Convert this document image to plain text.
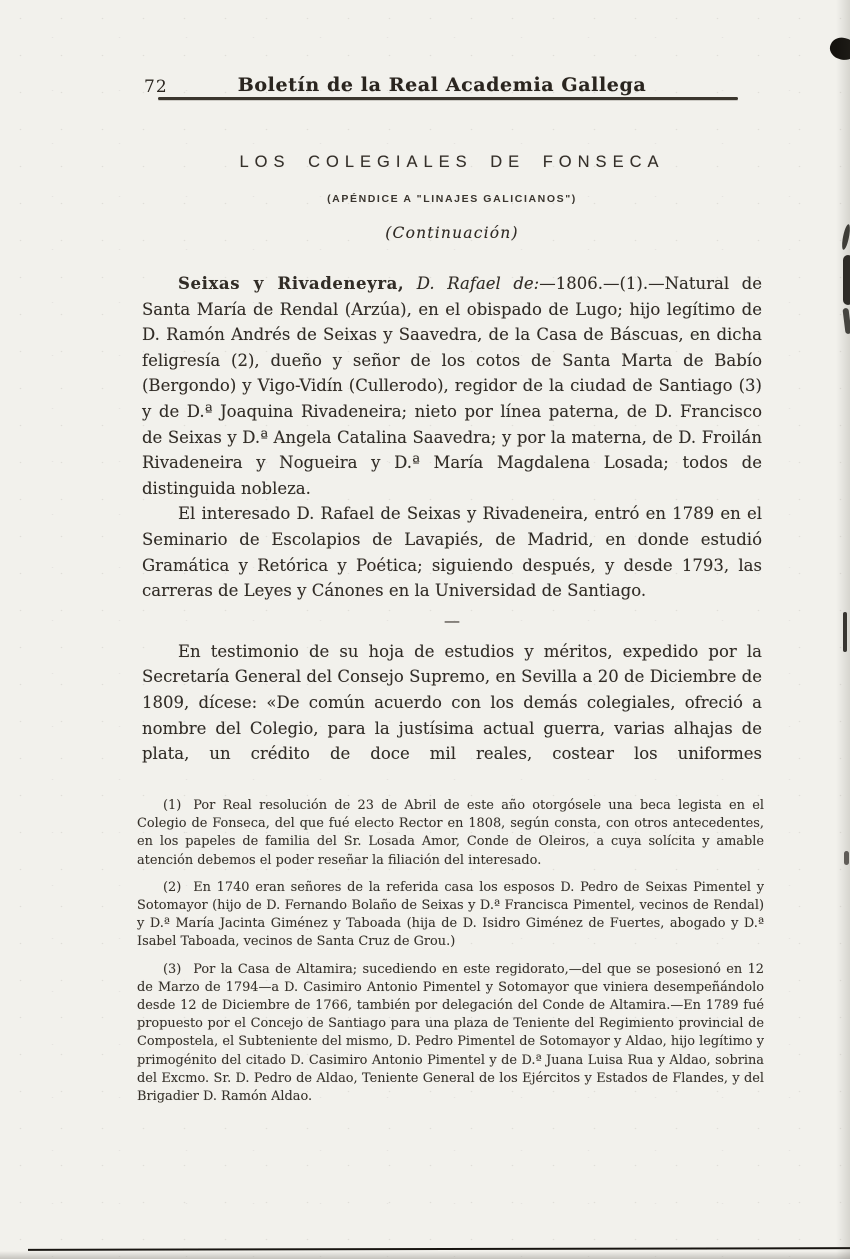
72	Boletín de la Real Academia Gallega
LOS COLEGIALES DE FONSECA
(APÉNDICE A "LINAJES GALICIANOS")
(Continuación)

Seixas y Rivadeneyra, D. Rafael de:—1806.—(1).—Natural de Santa María de Rendal (Arzúa), en el obispado de Lugo; hijo legítimo de D. Ramón Andrés de Seixas y Saavedra, de la Casa de Báscuas, en dicha feligresía (2), dueño y señor de los cotos de Santa Marta de Babío (Bergondo) y Vigo-Vidín (Cullerodo), regidor de la ciudad de Santiago (3) y de D.ª Joaquina Rivadeneira; nieto por línea paterna, de D. Francisco de Seixas y D.ª Angela Catalina Saavedra; y por la materna, de D. Froilán Rivadeneira y Nogueira y D.ª María Magdalena Losada; todos de distinguida nobleza.

El interesado D. Rafael de Seixas y Rivadeneira, entró en 1789 en el Seminario de Escolapios de Lavapiés, de Madrid, en donde estudió Gramática y Retórica y Poética; siguiendo después, y desde 1793, las carreras de Leyes y Cánones en la Universidad de Santiago.

—

En testimonio de su hoja de estudios y méritos, expedido por la Secretaría General del Consejo Supremo, en Sevilla a 20 de Diciembre de 1809, dícese: «De común acuerdo con los demás colegiales, ofreció a nombre del Colegio, para la justísima actual guerra, varias alhajas de plata, un crédito de doce mil reales, costear los uniformes

(1) Por Real resolución de 23 de Abril de este año otorgósele una beca legista en el Colegio de Fonseca, del que fué electo Rector en 1808, según consta, con otros antecedentes, en los papeles de familia del Sr. Losada Amor, Conde de Oleiros, a cuya solícita y amable atención debemos el poder reseñar la filiación del interesado.

(2) En 1740 eran señores de la referida casa los esposos D. Pedro de Seixas Pimentel y Sotomayor (hijo de D. Fernando Bolaño de Seixas y D.ª Francisca Pimentel, vecinos de Rendal) y D.ª María Jacinta Giménez y Taboada (hija de D. Isidro Giménez de Fuertes, abogado y D.ª Isabel Taboada, vecinos de Santa Cruz de Grou.)

(3) Por la Casa de Altamira; sucediendo en este regidorato,—del que se posesionó en 12 de Marzo de 1794—a D. Casimiro Antonio Pimentel y Sotomayor que viniera desempeñándolo desde 12 de Diciembre de 1766, también por delegación del Conde de Altamira.—En 1789 fué propuesto por el Concejo de Santiago para una plaza de Teniente del Regimiento provincial de Compostela, el Subteniente del mismo, D. Pedro Pimentel de Sotomayor y Aldao, hijo legítimo y primogénito del citado D. Casimiro Antonio Pimentel y de D.ª Juana Luisa Rua y Aldao, sobrina del Excmo. Sr. D. Pedro de Aldao, Teniente General de los Ejércitos y Estados de Flandes, y del Brigadier D. Ramón Aldao.
